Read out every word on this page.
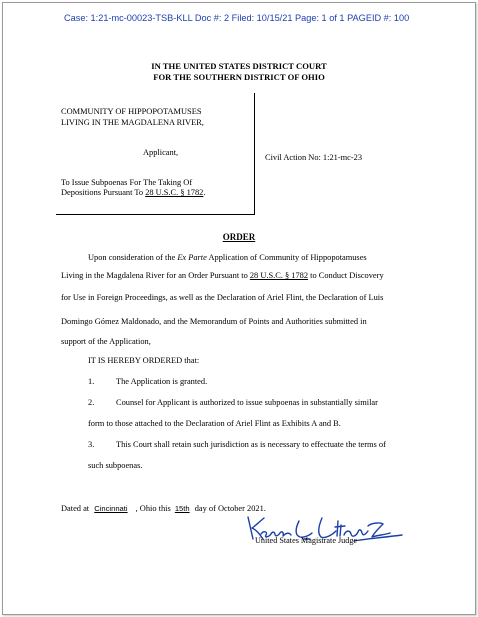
Case: 1:21-mc-00023-TSB-KLL Doc #: 2 Filed: 10/15/21 Page: 1 of 1 PAGEID #: 100
IN THE UNITED STATES DISTRICT COURT
FOR THE SOUTHERN DISTRICT OF OHIO
COMMUNITY OF HIPPOPOTAMUSES
LIVING IN THE MAGDALENA RIVER,
Applicant,
To Issue Subpoenas For The Taking Of
Depositions Pursuant To 28 U.S.C. § 1782.
Civil Action No: 1:21-mc-23
ORDER
Upon consideration of the Ex Parte Application of Community of Hippopotamuses
Living in the Magdalena River for an Order Pursuant to 28 U.S.C. § 1782 to Conduct Discovery
for Use in Foreign Proceedings, as well as the Declaration of Ariel Flint, the Declaration of Luis
Domingo Gómez Maldonado, and the Memorandum of Points and Authorities submitted in
support of the Application,
IT IS HEREBY ORDERED that:
1.	The Application is granted.
2.	Counsel for Applicant is authorized to issue subpoenas in substantially similar
form to those attached to the Declaration of Ariel Flint as Exhibits A and B.
3.	This Court shall retain such jurisdiction as is necessary to effectuate the terms of
such subpoenas.
Dated at Cincinnati , Ohio this 15th day of October 2021.
United States Magistrate Judge
